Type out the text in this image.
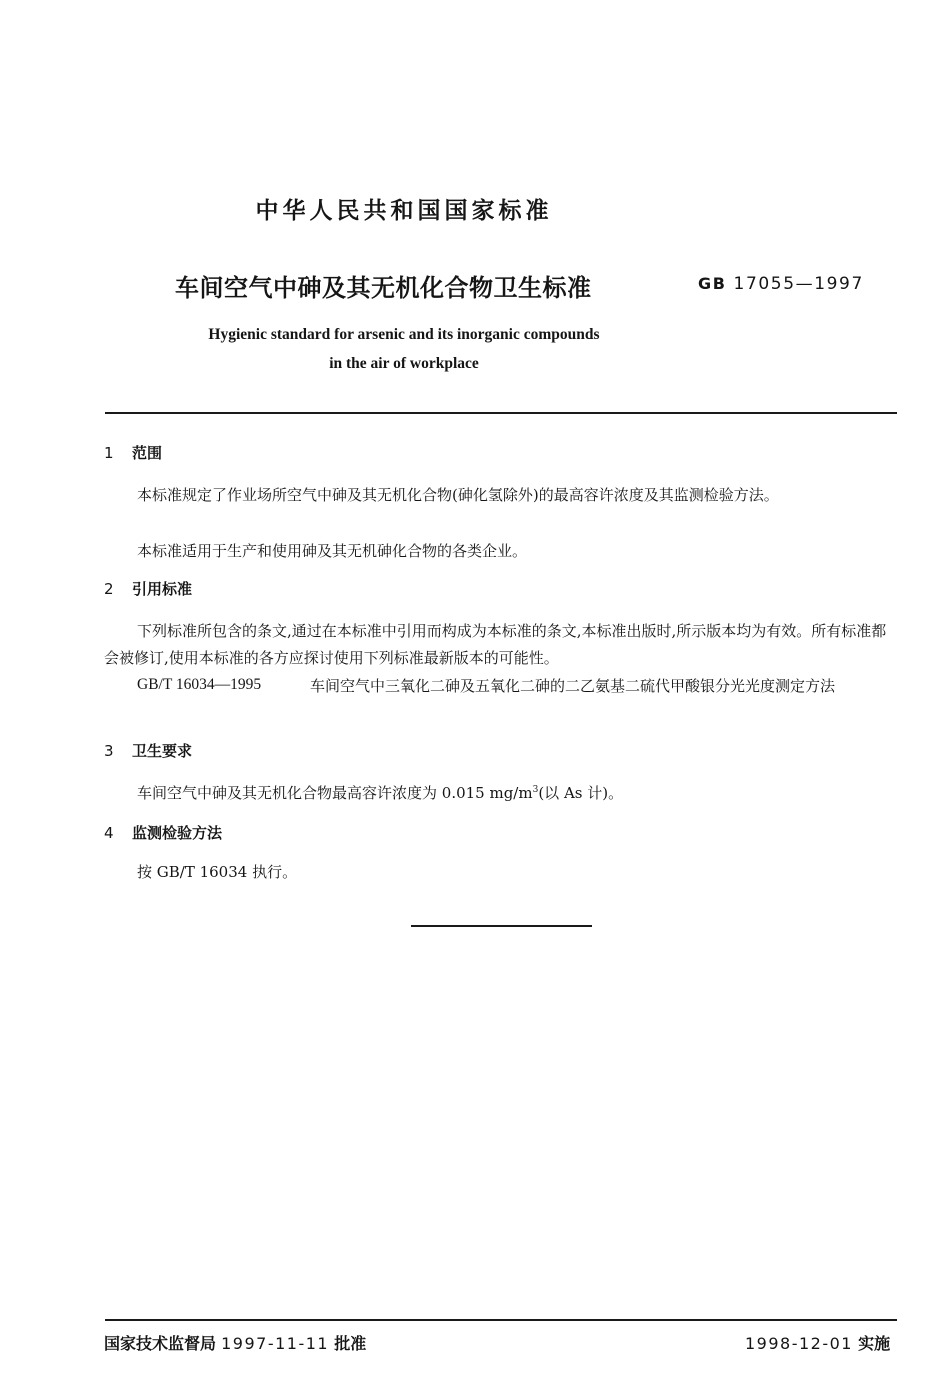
中华人民共和国国家标准
车间空气中砷及其无机化合物卫生标准	GB 17055—1997
Hygienic standard for arsenic and its inorganic compounds
in the air of workplace
1 范围
本标准规定了作业场所空气中砷及其无机化合物(砷化氢除外)的最高容许浓度及其监测检验方法。
本标准适用于生产和使用砷及其无机砷化合物的各类企业。
2 引用标准
下列标准所包含的条文,通过在本标准中引用而构成为本标准的条文,本标准出版时,所示版本均为有效。所有标准都会被修订,使用本标准的各方应探讨使用下列标准最新版本的可能性。
GB/T 16034—1995	车间空气中三氧化二砷及五氧化二砷的二乙氨基二硫代甲酸银分光光度测定方法
3 卫生要求
车间空气中砷及其无机化合物最高容许浓度为 0.015 $mg/m^3$(以 As 计)。
4 监测检验方法
按 GB/T 16034 执行。
国家技术监督局 1997-11-11 批准	1998-12-01 实施
